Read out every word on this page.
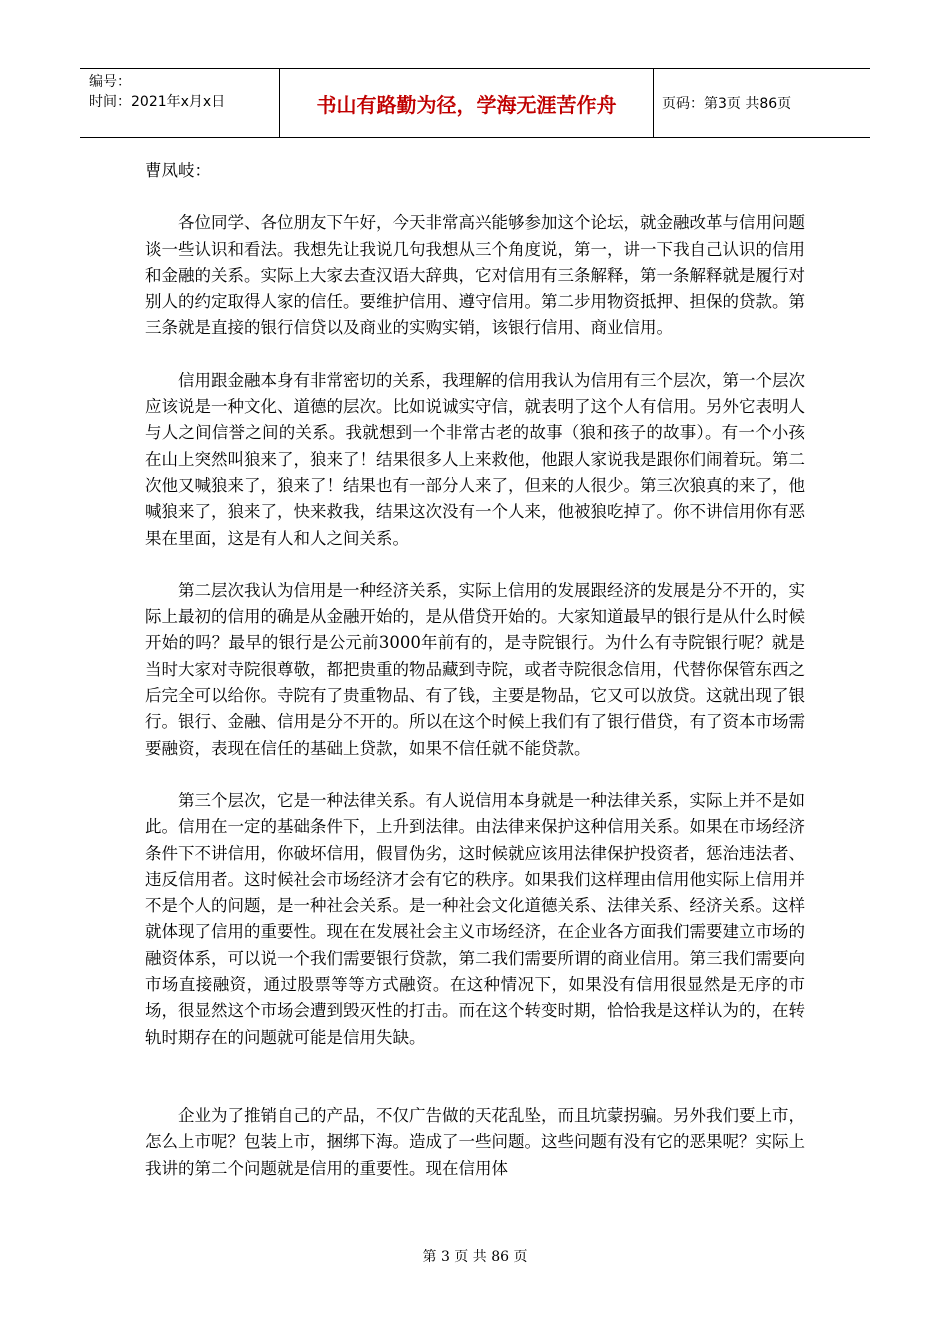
编号：
时间：2021年x月x日	书山有路勤为径，学海无涯苦作舟	页码：第3页 共86页

曹凤岐：

各位同学、各位朋友下午好，今天非常高兴能够参加这个论坛，就金融改革与信用问题谈一些认识和看法。我想先让我说几句我想从三个角度说，第一，讲一下我自己认识的信用和金融的关系。实际上大家去查汉语大辞典，它对信用有三条解释，第一条解释就是履行对别人的约定取得人家的信任。要维护信用、遵守信用。第二步用物资抵押、担保的贷款。第三条就是直接的银行信贷以及商业的实购实销，该银行信用、商业信用。

信用跟金融本身有非常密切的关系，我理解的信用我认为信用有三个层次，第一个层次应该说是一种文化、道德的层次。比如说诚实守信，就表明了这个人有信用。另外它表明人与人之间信誉之间的关系。我就想到一个非常古老的故事（狼和孩子的故事）。有一个小孩在山上突然叫狼来了，狼来了！结果很多人上来救他，他跟人家说我是跟你们闹着玩。第二次他又喊狼来了，狼来了！结果也有一部分人来了，但来的人很少。第三次狼真的来了，他喊狼来了，狼来了，快来救我，结果这次没有一个人来，他被狼吃掉了。你不讲信用你有恶果在里面，这是有人和人之间关系。

第二层次我认为信用是一种经济关系，实际上信用的发展跟经济的发展是分不开的，实际上最初的信用的确是从金融开始的，是从借贷开始的。大家知道最早的银行是从什么时候开始的吗？最早的银行是公元前3000年前有的，是寺院银行。为什么有寺院银行呢？就是当时大家对寺院很尊敬，都把贵重的物品藏到寺院，或者寺院很念信用，代替你保管东西之后完全可以给你。寺院有了贵重物品、有了钱，主要是物品，它又可以放贷。这就出现了银行。银行、金融、信用是分不开的。所以在这个时候上我们有了银行借贷，有了资本市场需要融资，表现在信任的基础上贷款，如果不信任就不能贷款。

第三个层次，它是一种法律关系。有人说信用本身就是一种法律关系，实际上并不是如此。信用在一定的基础条件下，上升到法律。由法律来保护这种信用关系。如果在市场经济条件下不讲信用，你破坏信用，假冒伪劣，这时候就应该用法律保护投资者，惩治违法者、违反信用者。这时候社会市场经济才会有它的秩序。如果我们这样理由信用他实际上信用并不是个人的问题，是一种社会关系。是一种社会文化道德关系、法律关系、经济关系。这样就体现了信用的重要性。现在在发展社会主义市场经济，在企业各方面我们需要建立市场的融资体系，可以说一个我们需要银行贷款，第二我们需要所谓的商业信用。第三我们需要向市场直接融资，通过股票等等方式融资。在这种情况下，如果没有信用很显然是无序的市场，很显然这个市场会遭到毁灭性的打击。而在这个转变时期，恰恰我是这样认为的，在转轨时期存在的问题就可能是信用失缺。

企业为了推销自己的产品，不仅广告做的天花乱坠，而且坑蒙拐骗。另外我们要上市，怎么上市呢？包装上市，捆绑下海。造成了一些问题。这些问题有没有它的恶果呢？实际上我讲的第二个问题就是信用的重要性。现在信用体

第 3 页 共 86 页
